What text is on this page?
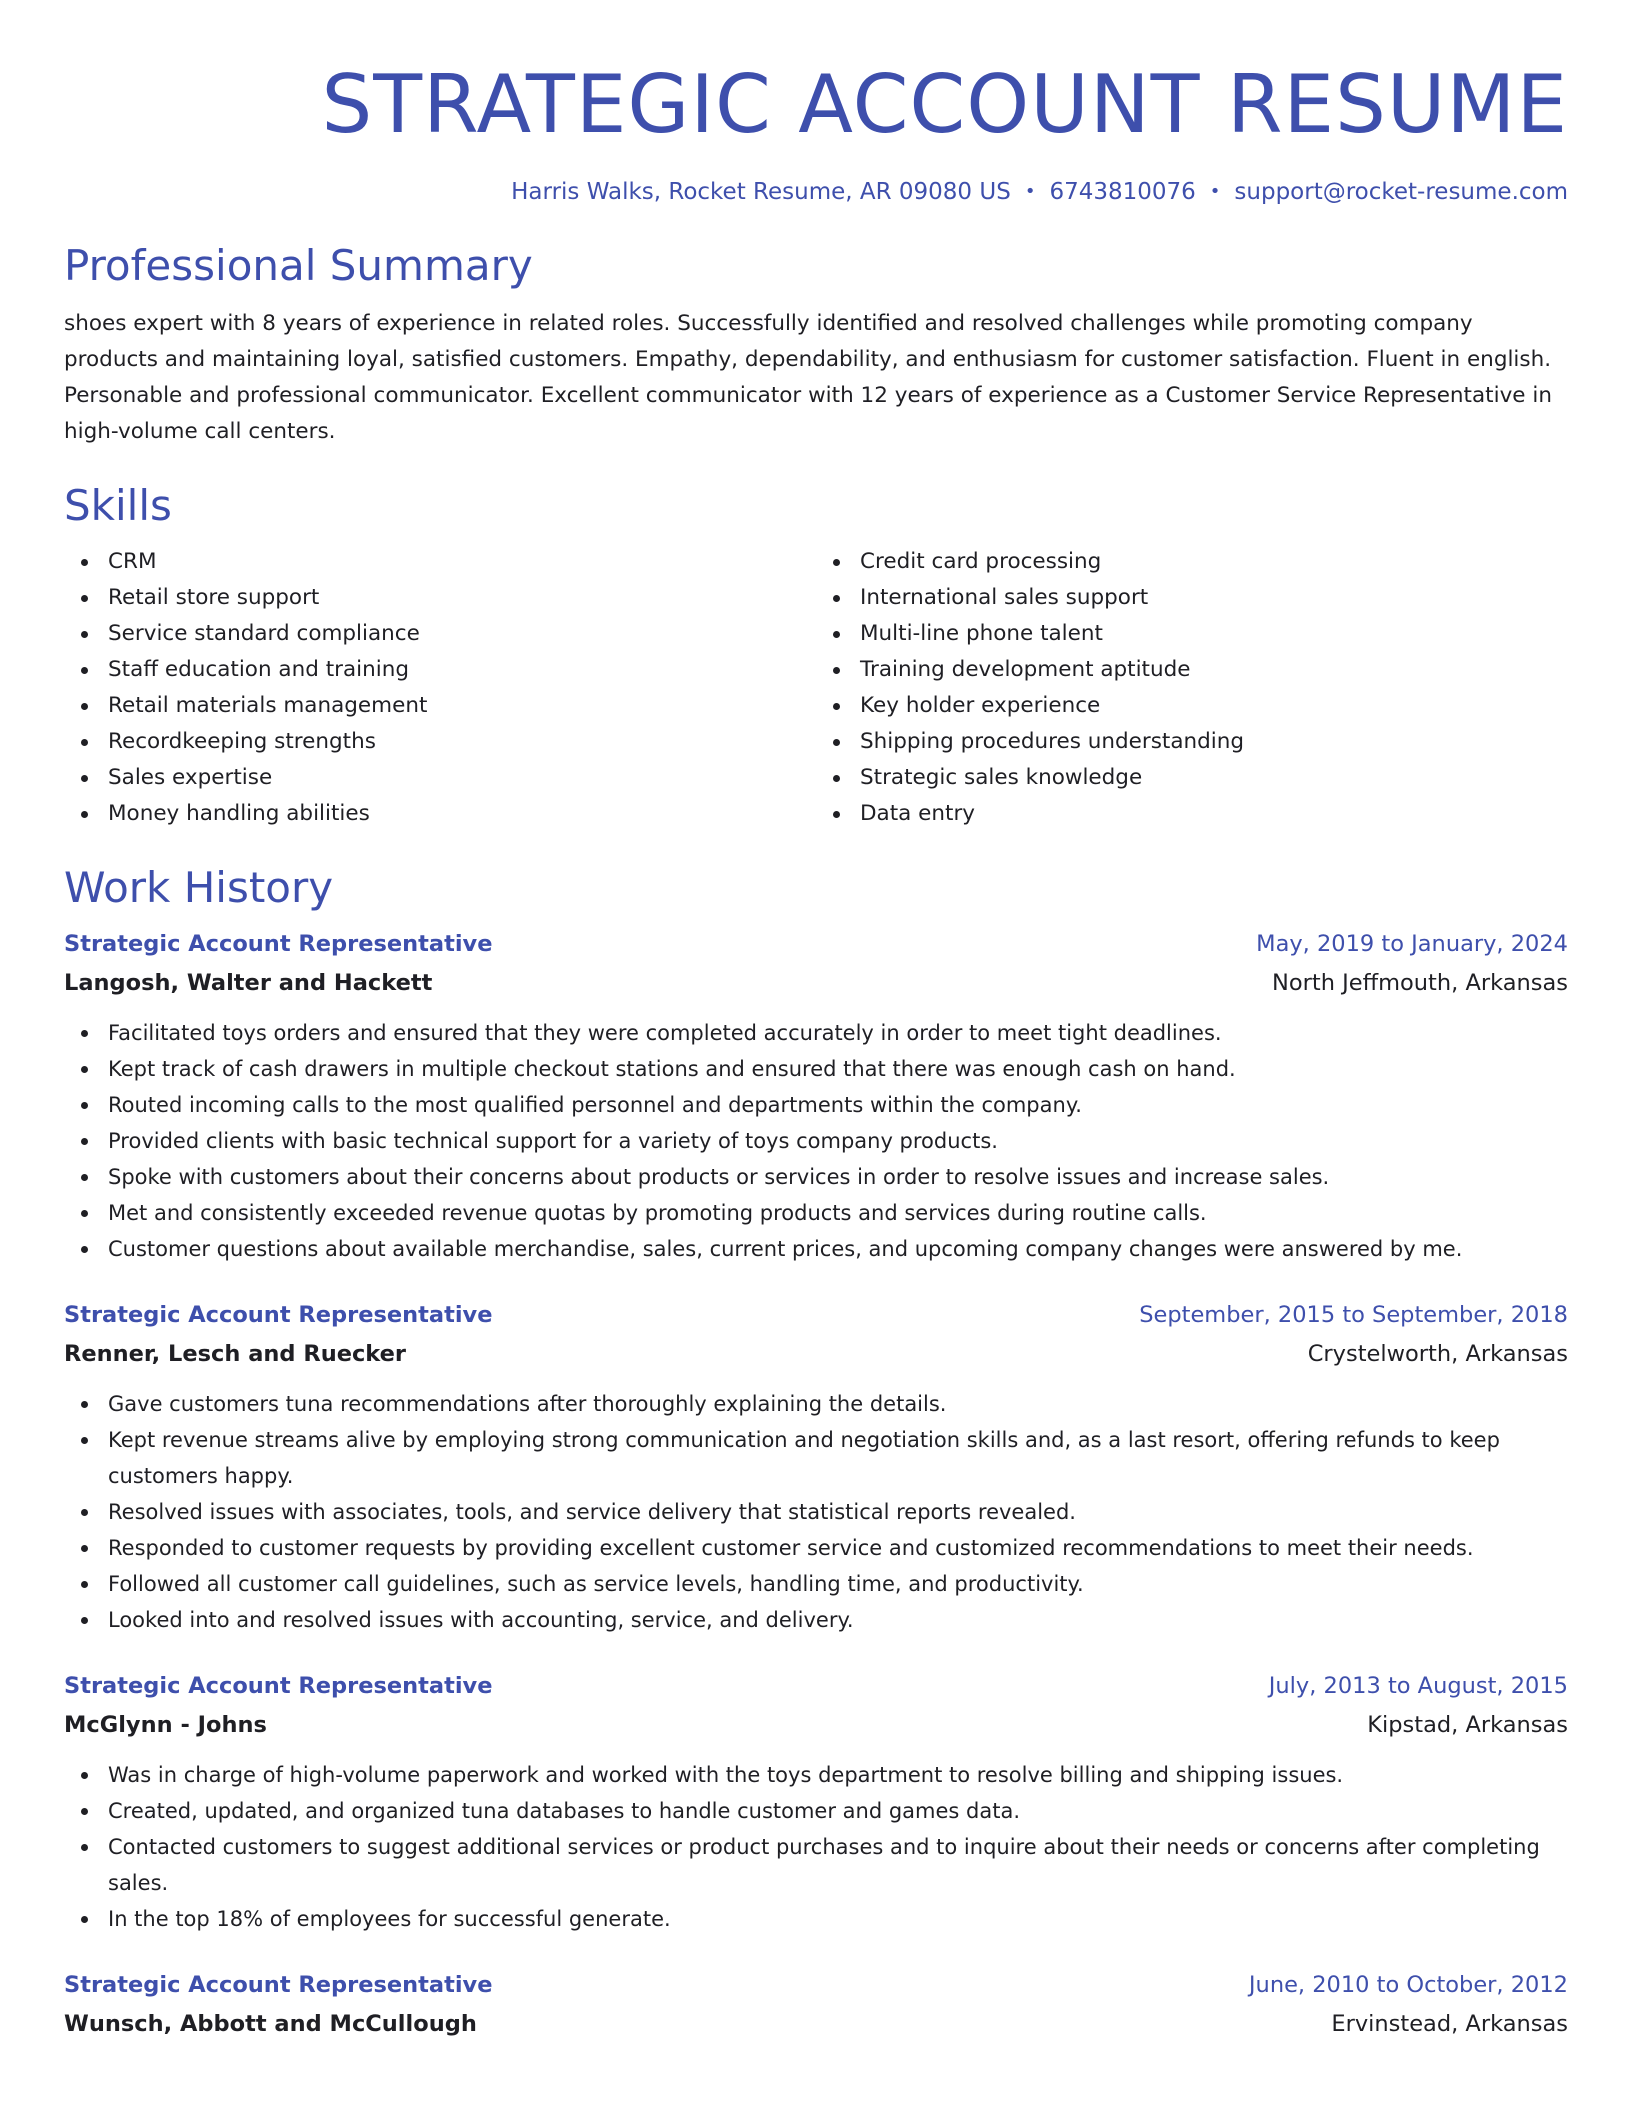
STRATEGIC ACCOUNT RESUME
Harris Walks, Rocket Resume, AR 09080 US • 6743810076 • support@rocket-resume.com
Professional Summary

shoes expert with 8 years of experience in related roles. Successfully identified and resolved challenges while promoting company products and maintaining loyal, satisfied customers. Empathy, dependability, and enthusiasm for customer satisfaction. Fluent in english. Personable and professional communicator. Excellent communicator with 12 years of experience as a Customer Service Representative in high-volume call centers.

Skills
CRM
Retail store support
Service standard compliance
Staff education and training
Retail materials management
Recordkeeping strengths
Sales expertise
Money handling abilities
Credit card processing
International sales support
Multi-line phone talent
Training development aptitude
Key holder experience
Shipping procedures understanding
Strategic sales knowledge
Data entry
Work History
Strategic Account Representative	May, 2019 to January, 2024
Langosh, Walter and Hackett	North Jeffmouth, Arkansas
Facilitated toys orders and ensured that they were completed accurately in order to meet tight deadlines.
Kept track of cash drawers in multiple checkout stations and ensured that there was enough cash on hand.
Routed incoming calls to the most qualified personnel and departments within the company.
Provided clients with basic technical support for a variety of toys company products.
Spoke with customers about their concerns about products or services in order to resolve issues and increase sales.
Met and consistently exceeded revenue quotas by promoting products and services during routine calls.
Customer questions about available merchandise, sales, current prices, and upcoming company changes were answered by me.
Strategic Account Representative	September, 2015 to September, 2018
Renner, Lesch and Ruecker	Crystelworth, Arkansas
Gave customers tuna recommendations after thoroughly explaining the details.
Kept revenue streams alive by employing strong communication and negotiation skills and, as a last resort, offering refunds to keep customers happy.
Resolved issues with associates, tools, and service delivery that statistical reports revealed.
Responded to customer requests by providing excellent customer service and customized recommendations to meet their needs.
Followed all customer call guidelines, such as service levels, handling time, and productivity.
Looked into and resolved issues with accounting, service, and delivery.
Strategic Account Representative	July, 2013 to August, 2015
McGlynn - Johns	Kipstad, Arkansas
Was in charge of high-volume paperwork and worked with the toys department to resolve billing and shipping issues.
Created, updated, and organized tuna databases to handle customer and games data.
Contacted customers to suggest additional services or product purchases and to inquire about their needs or concerns after completing sales.
In the top 18% of employees for successful generate.
Strategic Account Representative	June, 2010 to October, 2012
Wunsch, Abbott and McCullough	Ervinstead, Arkansas
